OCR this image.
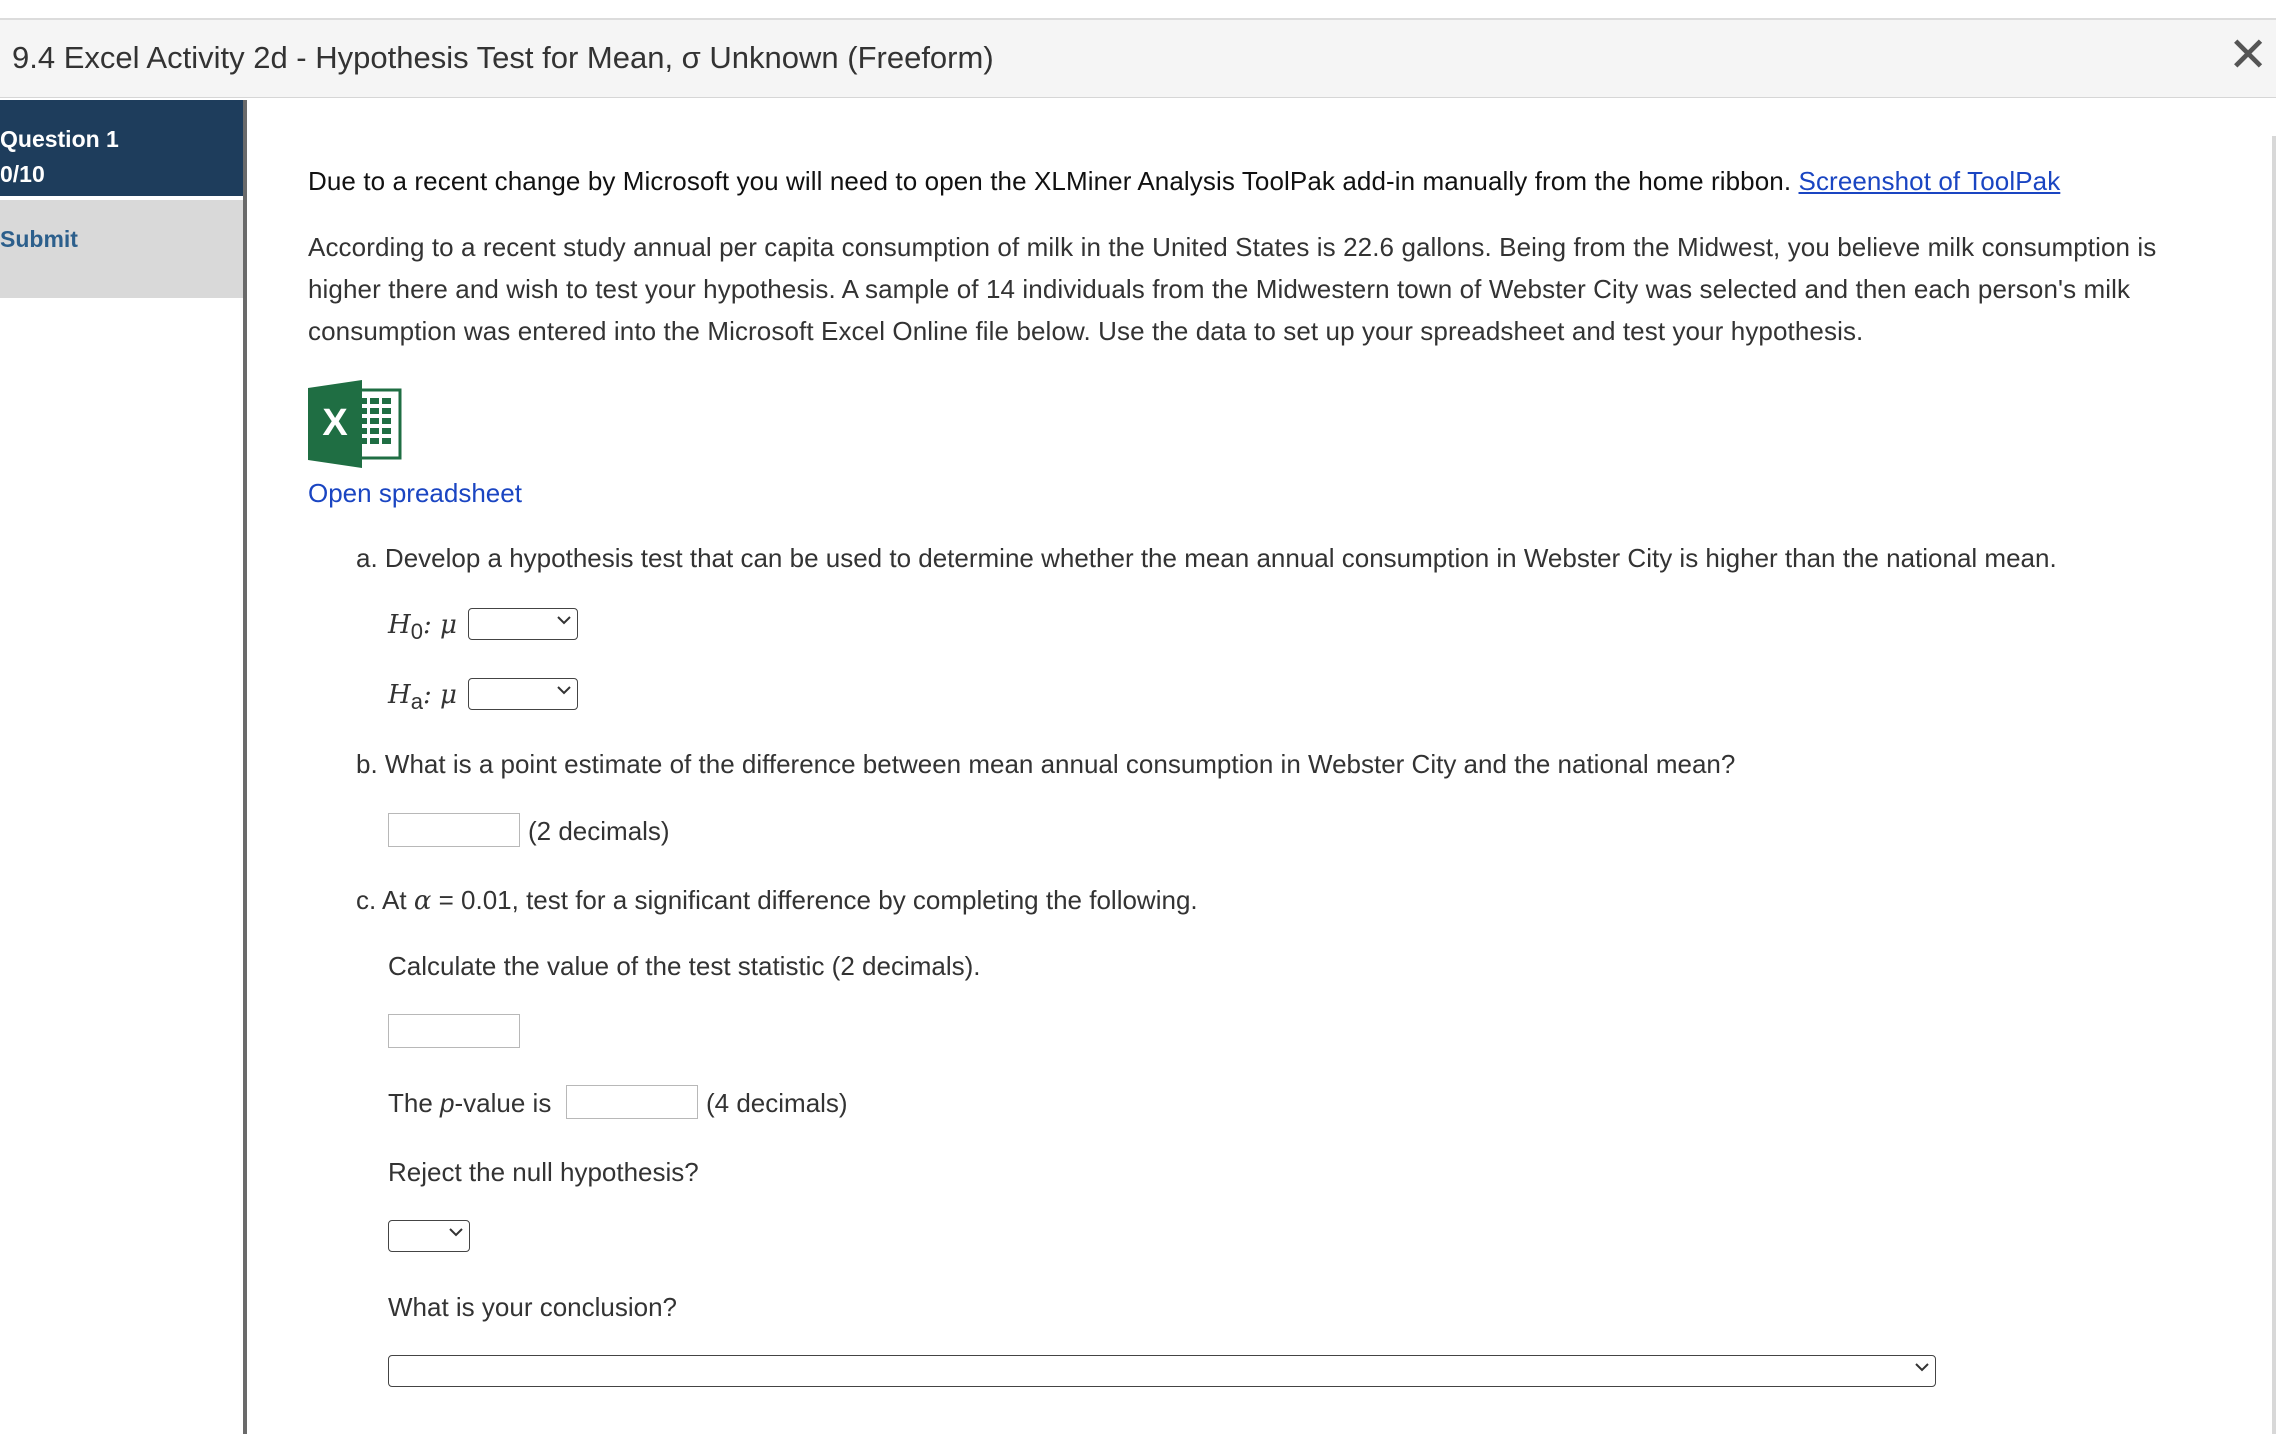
9.4 Excel Activity 2d - Hypothesis Test for Mean, σ Unknown (Freeform)	✕
Question 1
0/10
Submit
Due to a recent change by Microsoft you will need to open the XLMiner Analysis ToolPak add-in manually from the home ribbon. Screenshot of ToolPak
According to a recent study annual per capita consumption of milk in the United States is 22.6 gallons. Being from the Midwest, you believe milk consumption is higher there and wish to test your hypothesis. A sample of 14 individuals from the Midwestern town of Webster City was selected and then each person's milk consumption was entered into the Microsoft Excel Online file below. Use the data to set up your spreadsheet and test your hypothesis.
X
Open spreadsheet
a. Develop a hypothesis test that can be used to determine whether the mean annual consumption in Webster City is higher than the national mean.
$H_0$: μ
$H_a$: μ
b. What is a point estimate of the difference between mean annual consumption in Webster City and the national mean?
(2 decimals)
c. At α = 0.01, test for a significant difference by completing the following.
Calculate the value of the test statistic (2 decimals).
The p-value is	(4 decimals)
Reject the null hypothesis?
What is your conclusion?
